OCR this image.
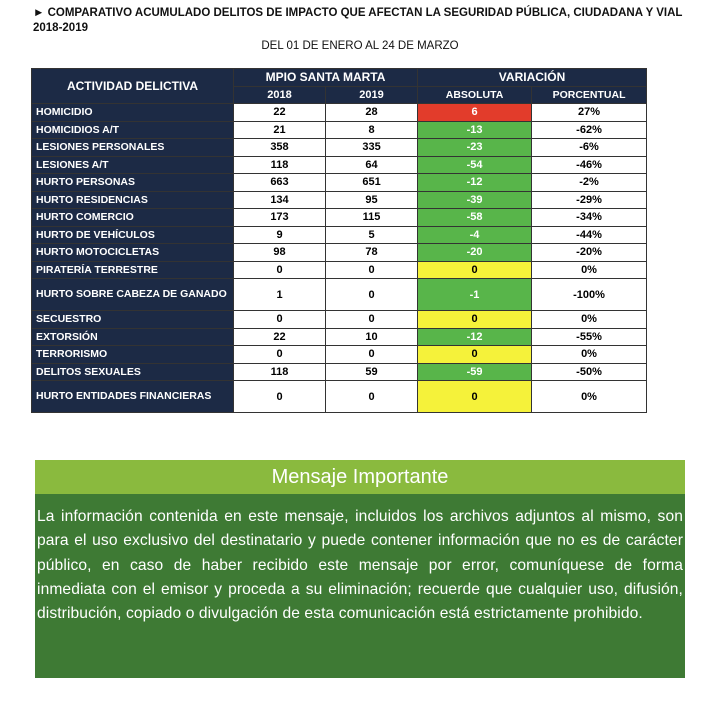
► COMPARATIVO ACUMULADO DELITOS DE IMPACTO QUE AFECTAN LA SEGURIDAD PÚBLICA, CIUDADANA Y VIAL 2018-2019
DEL 01 DE ENERO AL 24 DE MARZO
ACTIVIDAD DELICTIVA	MPIO SANTA MARTA		VARIACIÓN	
	2018	2019	ABSOLUTA	PORCENTUAL
HOMICIDIO	22	28	6	27%
HOMICIDIOS A/T	21	8	-13	-62%
LESIONES PERSONALES	358	335	-23	-6%
LESIONES A/T	118	64	-54	-46%
HURTO PERSONAS	663	651	-12	-2%
HURTO RESIDENCIAS	134	95	-39	-29%
HURTO COMERCIO	173	115	-58	-34%
HURTO DE VEHÍCULOS	9	5	-4	-44%
HURTO MOTOCICLETAS	98	78	-20	-20%
PIRATERÍA TERRESTRE	0	0	0	0%
HURTO SOBRE CABEZA DE GANADO	1	0	-1	-100%
SECUESTRO	0	0	0	0%
EXTORSIÓN	22	10	-12	-55%
TERRORISMO	0	0	0	0%
DELITOS SEXUALES	118	59	-59	-50%
HURTO ENTIDADES FINANCIERAS	0	0	0	0%
Mensaje Importante

La información contenida en este mensaje, incluidos los archivos adjuntos al mismo, son para el uso exclusivo del destinatario y puede contener información que no es de carácter público, en caso de haber recibido este mensaje por error, comuníquese de forma inmediata con el emisor y proceda a su eliminación; recuerde que cualquier uso, difusión, distribución, copiado o divulgación de esta comunicación está estrictamente prohibido.
